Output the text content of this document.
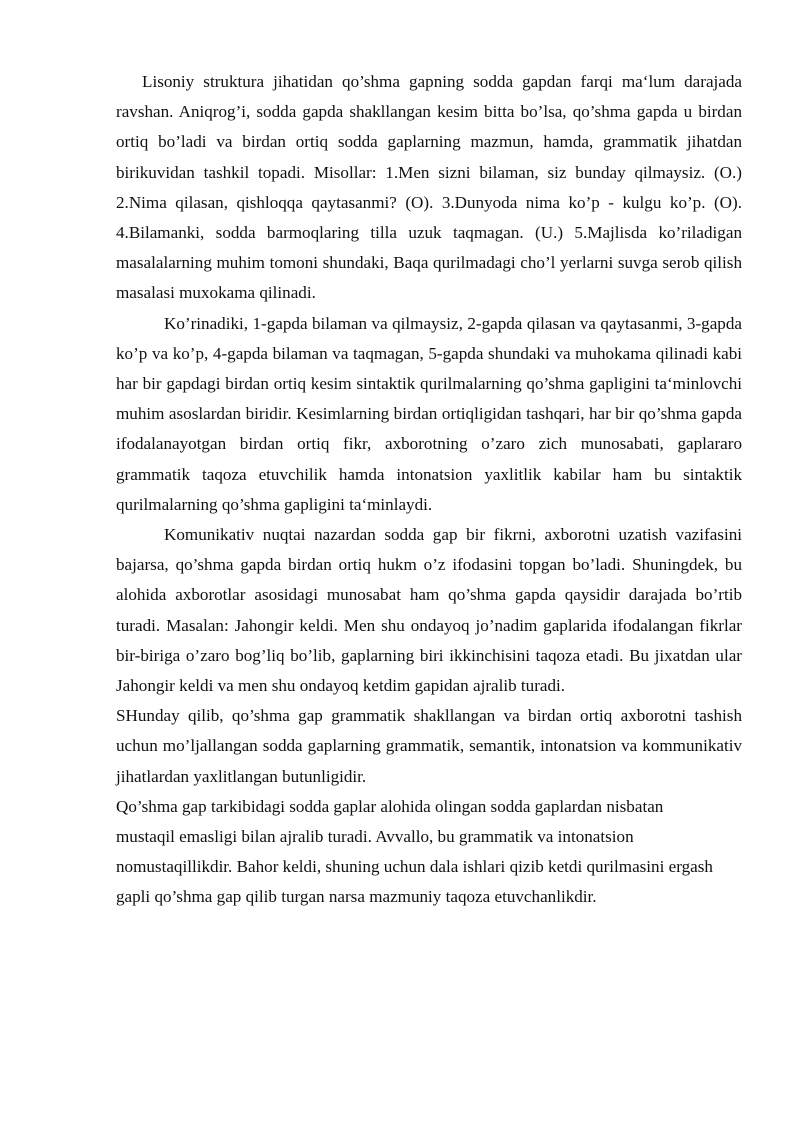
Lisoniy struktura jihatidan qo’shma gapning sodda gapdan farqi ma‘lum darajada ravshan. Aniqrog’i, sodda gapda shakllangan kesim bitta bo’lsa, qo’shma gapda u birdan ortiq bo’ladi va birdan ortiq sodda gaplarning mazmun, hamda, grammatik jihatdan birikuvidan tashkil topadi. Misollar: 1.Men sizni bilaman, siz bunday qilmaysiz. (O.) 2.Nima qilasan, qishloqqa qaytasanmi? (O). 3.Dunyoda nima ko’p - kulgu ko’p. (O). 4.Bilamanki, sodda barmoqlaring tilla uzuk taqmagan. (U.) 5.Majlisda ko’riladigan masalalarning muhim tomoni shundaki, Baqa qurilmadagi cho’l yerlarni suvga serob qilish masalasi muxokama qilinadi.

Ko’rinadiki, 1-gapda bilaman va qilmaysiz, 2-gapda qilasan va qaytasanmi, 3-gapda ko’p va ko’p, 4-gapda bilaman va taqmagan, 5-gapda shundaki va muhokama qilinadi kabi har bir gapdagi birdan ortiq kesim sintaktik qurilmalarning qo’shma gapligini ta‘minlovchi muhim asoslardan biridir. Kesimlarning birdan ortiqligidan tashqari, har bir qo’shma gapda ifodalanayotgan birdan ortiq fikr, axborotning o’zaro zich munosabati, gaplararo grammatik taqoza etuvchilik hamda intonatsion yaxlitlik kabilar ham bu sintaktik qurilmalarning qo’shma gapligini ta‘minlaydi.

Komunikativ nuqtai nazardan sodda gap bir fikrni, axborotni uzatish vazifasini bajarsa, qo’shma gapda birdan ortiq hukm o’z ifodasini topgan bo’ladi. Shuningdek, bu alohida axborotlar asosidagi munosabat ham qo’shma gapda qaysidir darajada bo’rtib turadi. Masalan: Jahongir keldi. Men shu ondayoq jo’nadim gaplarida ifodalangan fikrlar bir-biriga o’zaro bog’liq bo’lib, gaplarning biri ikkinchisini taqoza etadi. Bu jixatdan ular Jahongir keldi va men shu ondayoq ketdim gapidan ajralib turadi.

SHunday qilib, qo’shma gap grammatik shakllangan va birdan ortiq axborotni tashish uchun mo’ljallangan sodda gaplarning grammatik, semantik, intonatsion va kommunikativ jihatlardan yaxlitlangan butunligidir.

Qo’shma gap tarkibidagi sodda gaplar alohida olingan sodda gaplardan nisbatan mustaqil emasligi bilan ajralib turadi. Avvallo, bu grammatik va intonatsion nomustaqillikdir. Bahor keldi, shuning uchun dala ishlari qizib ketdi qurilmasini ergash gapli qo’shma gap qilib turgan narsa mazmuniy taqoza etuvchanlikdir.
